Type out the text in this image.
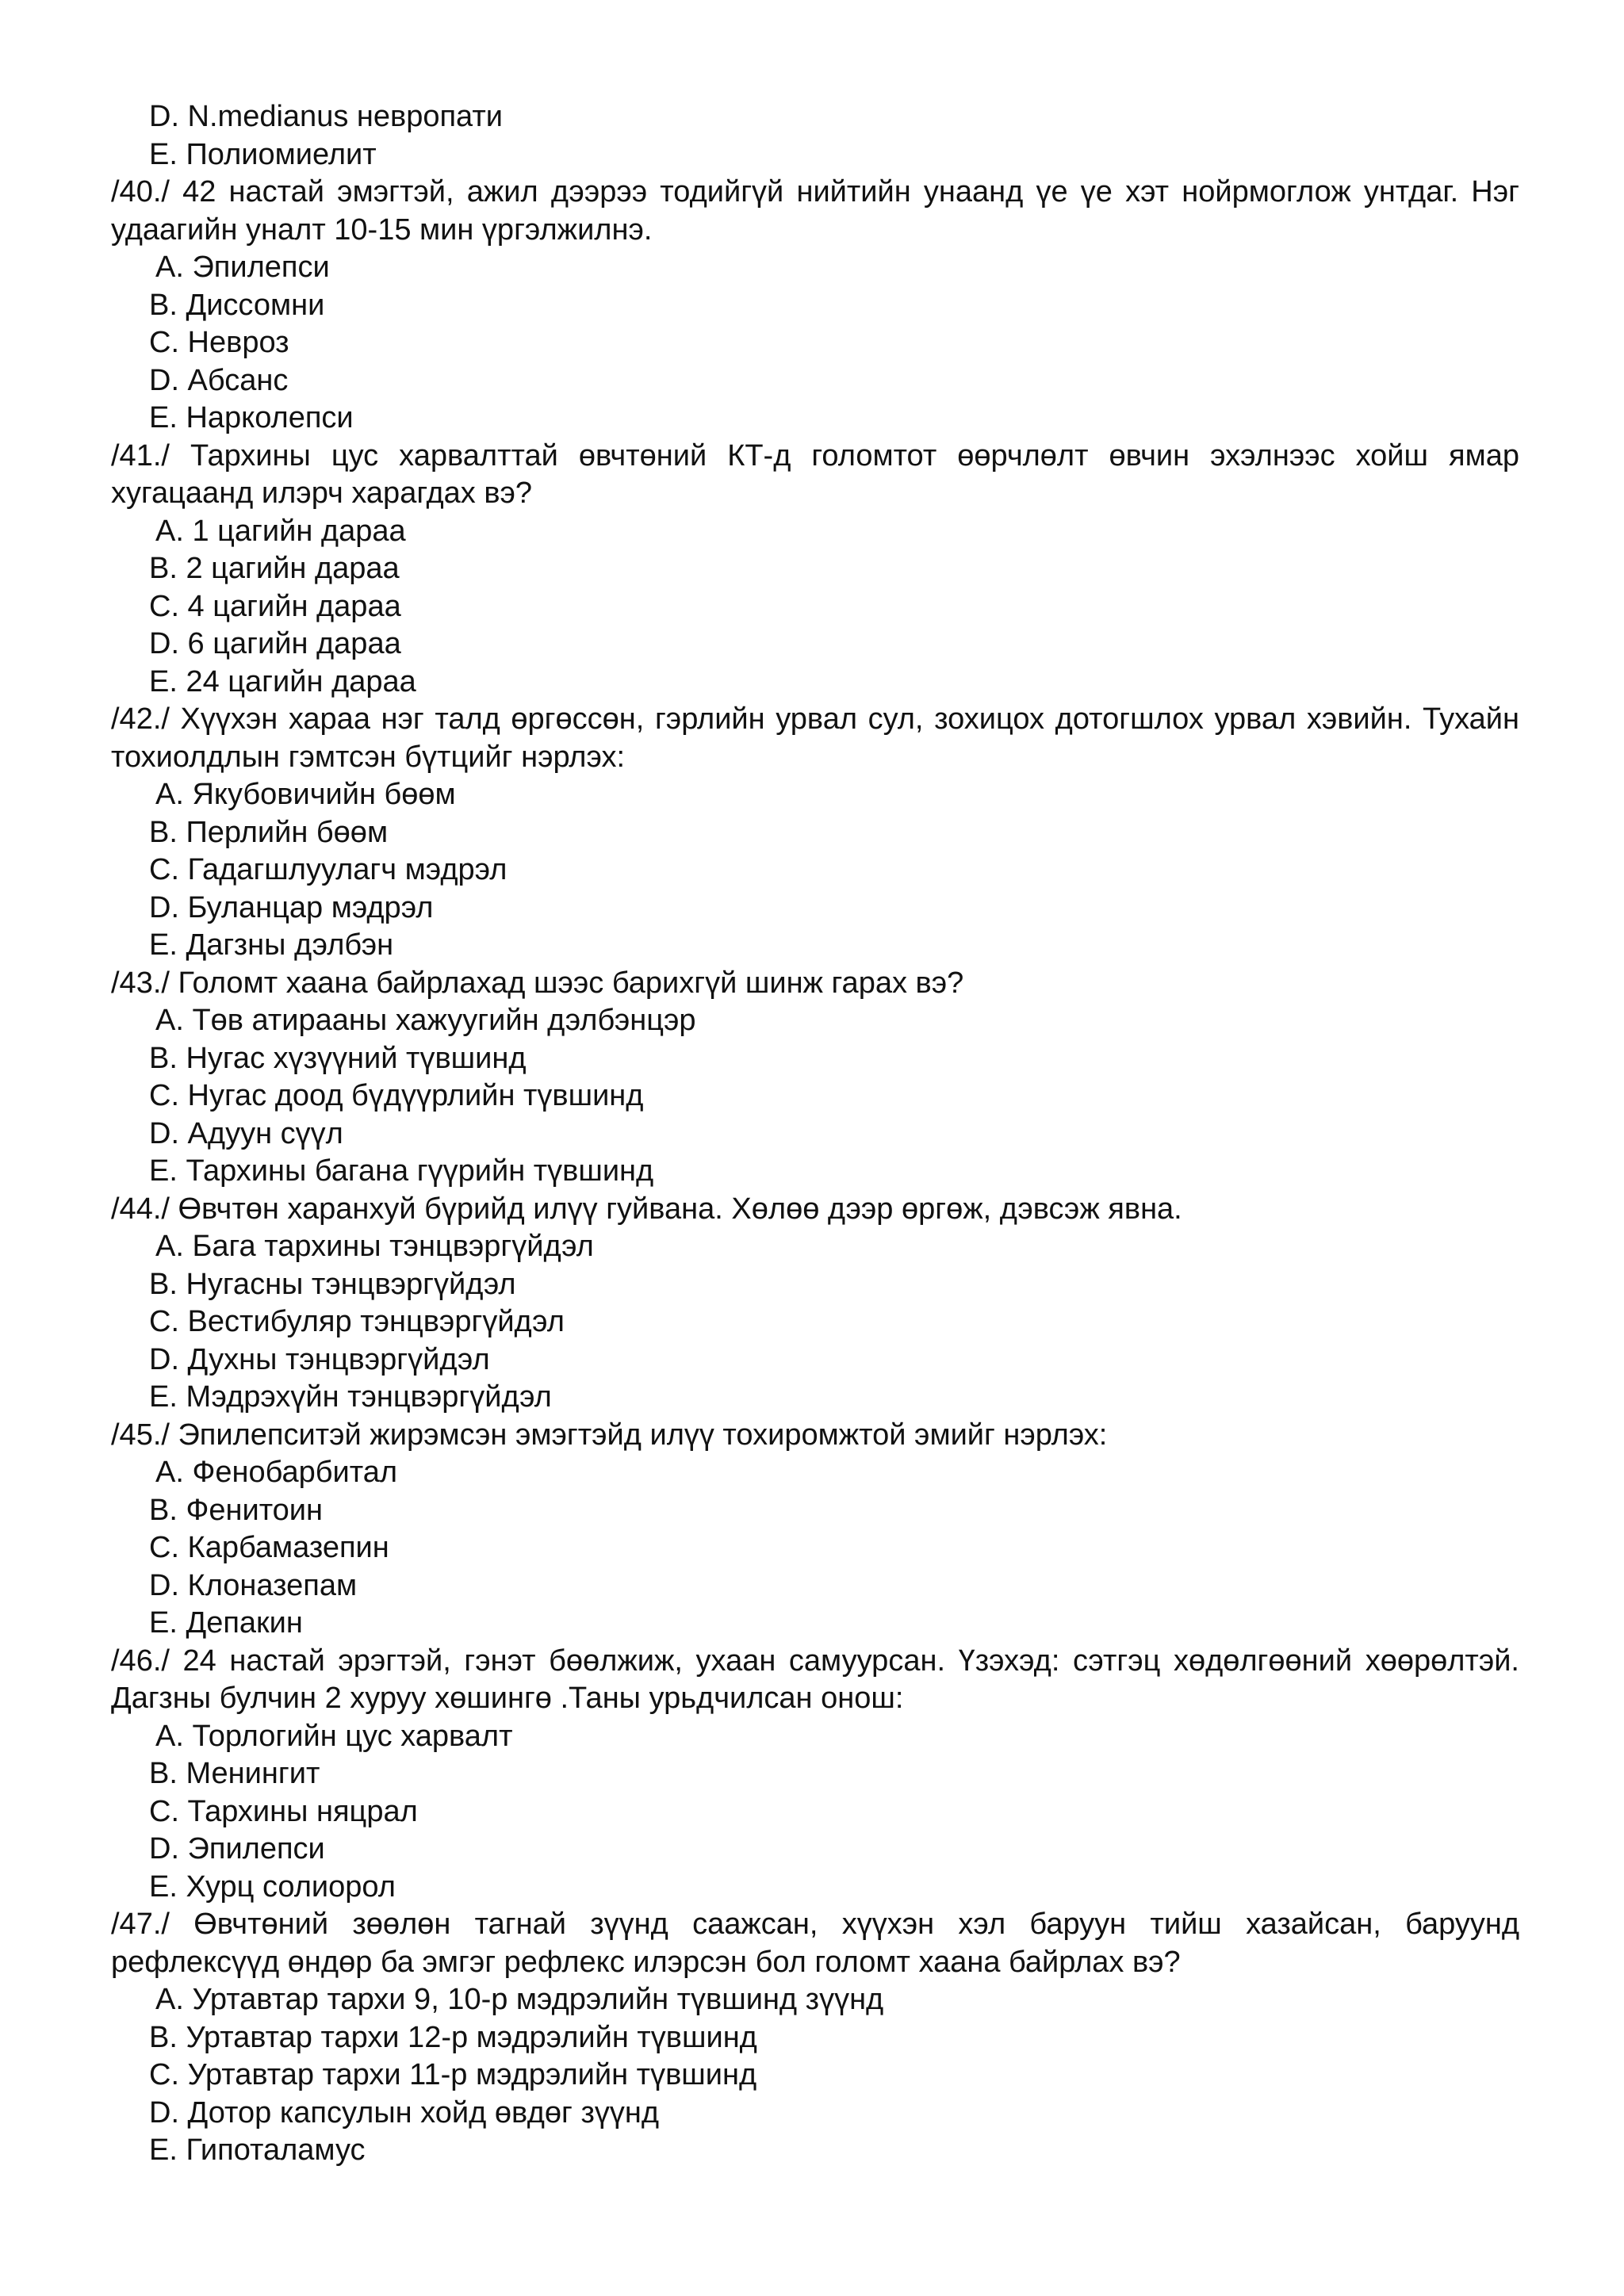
D. N.medianus невропати
E. Полиомиелит
/40./ 42 настай эмэгтэй, ажил дээрээ тодийгүй нийтийн унаанд үе үе хэт нойрмоглож унтдаг. Нэг удаагийн уналт 10-15 мин үргэлжилнэ.
A. Эпилепси
B. Диссомни
C. Невроз
D. Абсанс
E. Нарколепси
/41./ Тархины цус харвалттай өвчтөний КТ-д голомтот өөрчлөлт өвчин эхэлнээс хойш ямар хугацаанд илэрч харагдах вэ?
A. 1 цагийн дараа
B. 2 цагийн дараа
C. 4 цагийн дараа
D. 6 цагийн дараа
E. 24 цагийн дараа
/42./ Хүүхэн хараа нэг талд өргөссөн, гэрлийн урвал сул, зохицох дотогшлох урвал хэвийн. Тухайн тохиолдлын гэмтсэн бүтцийг нэрлэх:
A. Якубовичийн бөөм
B. Перлийн бөөм
C. Гадагшлуулагч мэдрэл
D. Буланцар мэдрэл
E. Дагзны дэлбэн
/43./ Голомт хаана байрлахад шээс барихгүй шинж гарах вэ?
A. Төв атирааны хажуугийн дэлбэнцэр
B. Нугас хүзүүний түвшинд
C. Нугас доод бүдүүрлийн түвшинд
D. Адуун сүүл
E. Тархины багана гүүрийн түвшинд
/44./ Өвчтөн харанхуй бүрийд илүү гуйвана. Хөлөө дээр өргөж, дэвсэж явна.
A. Бага тархины тэнцвэргүйдэл
B. Нугасны тэнцвэргүйдэл
C. Вестибуляр тэнцвэргүйдэл
D. Духны тэнцвэргүйдэл
E. Мэдрэхүйн тэнцвэргүйдэл
/45./ Эпилепситэй жирэмсэн эмэгтэйд илүү тохиромжтой эмийг нэрлэх:
A. Фенобарбитал
B. Фенитоин
C. Карбамазепин
D. Клоназепам
E. Депакин
/46./ 24 настай эрэгтэй, гэнэт бөөлжиж, ухаан самуурсан. Үзэхэд: сэтгэц хөдөлгөөний хөөрөлтэй. Дагзны булчин 2 хуруу хөшингө .Таны урьдчилсан онош:
A. Торлогийн цус харвалт
B. Менингит
C. Тархины няцрал
D. Эпилепси
E. Хурц солиорол
/47./ Өвчтөний зөөлөн тагнай зүүнд саажсан, хүүхэн хэл баруун тийш хазайсан, баруунд рефлексүүд өндөр ба эмгэг рефлекс илэрсэн бол голомт хаана байрлах вэ?
A. Уртавтар тархи 9, 10-р мэдрэлийн түвшинд зүүнд
B. Уртавтар тархи 12-р мэдрэлийн түвшинд
C. Уртавтар тархи 11-р мэдрэлийн түвшинд
D. Дотор капсулын хойд өвдөг зүүнд
E. Гипоталамус
